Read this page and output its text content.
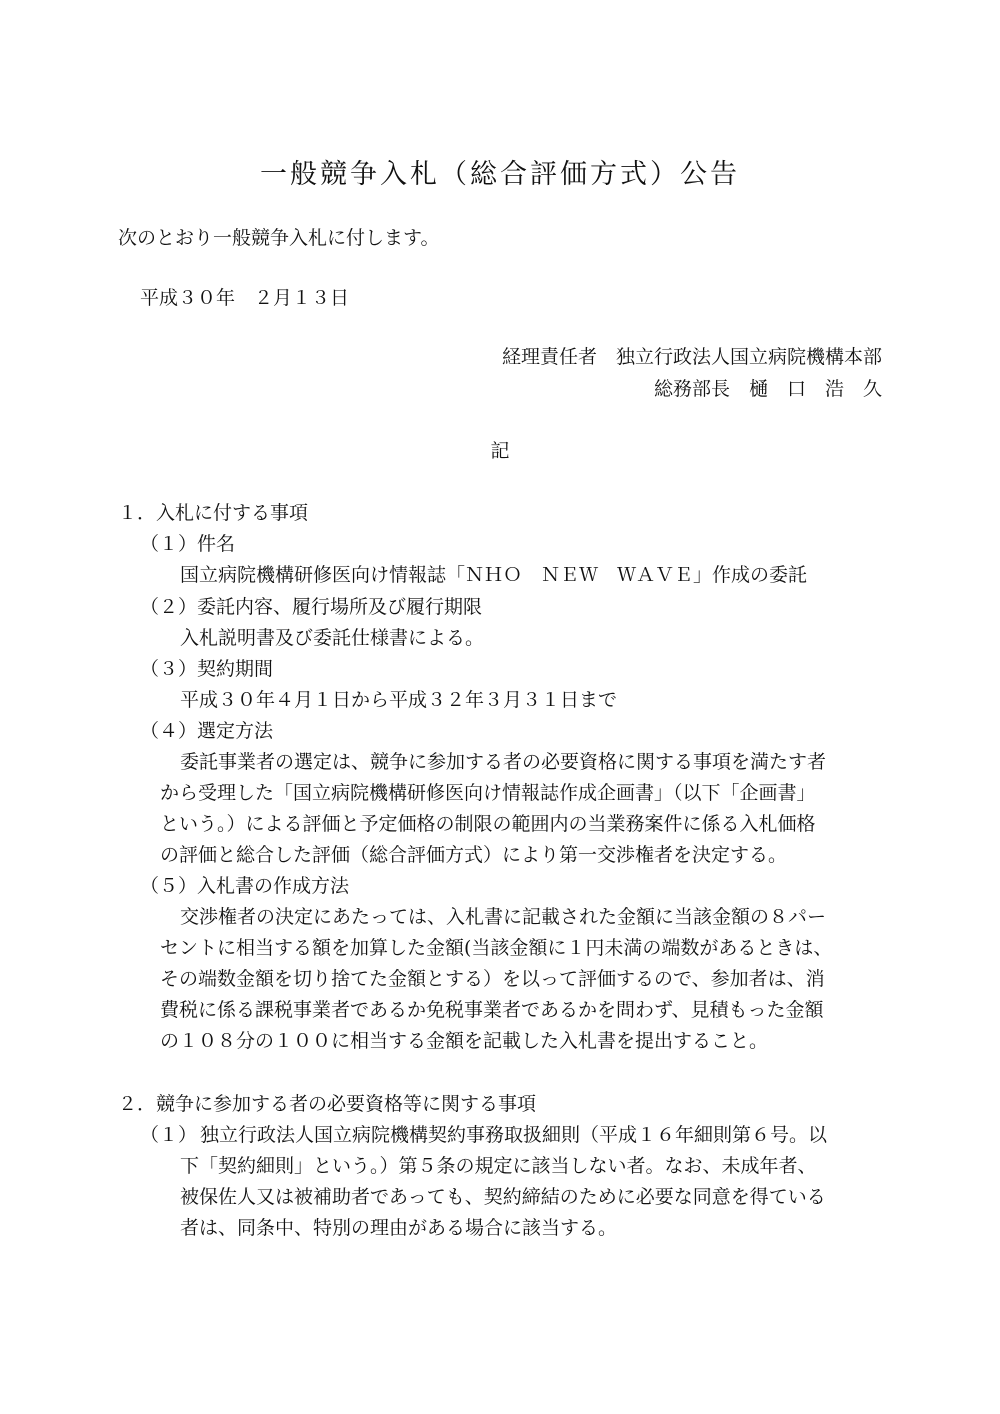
一般競争入札（総合評価方式）公告

次のとおり一般競争入札に付します。

平成３０年　２月１３日

経理責任者　独立行政法人国立病院機構本部

総務部長　樋　口　浩　久

記

１．入札に付する事項

（１）件名

国立病院機構研修医向け情報誌「ＮＨＯ　ＮＥＷ　ＷＡＶＥ」作成の委託

（２）委託内容、履行場所及び履行期限

入札説明書及び委託仕様書による。

（３）契約期間

平成３０年４月１日から平成３２年３月３１日まで

（４）選定方法

委託事業者の選定は、競争に参加する者の必要資格に関する事項を満たす者

から受理した「国立病院機構研修医向け情報誌作成企画書」（以下「企画書」

という。）による評価と予定価格の制限の範囲内の当業務案件に係る入札価格

の評価と総合した評価（総合評価方式）により第一交渉権者を決定する。

（５）入札書の作成方法

交渉権者の決定にあたっては、入札書に記載された金額に当該金額の８パー

セントに相当する額を加算した金額(当該金額に１円未満の端数があるときは、

その端数金額を切り捨てた金額とする）を以って評価するので、参加者は、消

費税に係る課税事業者であるか免税事業者であるかを問わず、見積もった金額

の１０８分の１００に相当する金額を記載した入札書を提出すること。

２．競争に参加する者の必要資格等に関する事項

（１） 独立行政法人国立病院機構契約事務取扱細則（平成１６年細則第６号。以

下「契約細則」という。）第５条の規定に該当しない者。なお、未成年者、

被保佐人又は被補助者であっても、契約締結のために必要な同意を得ている

者は、同条中、特別の理由がある場合に該当する。
